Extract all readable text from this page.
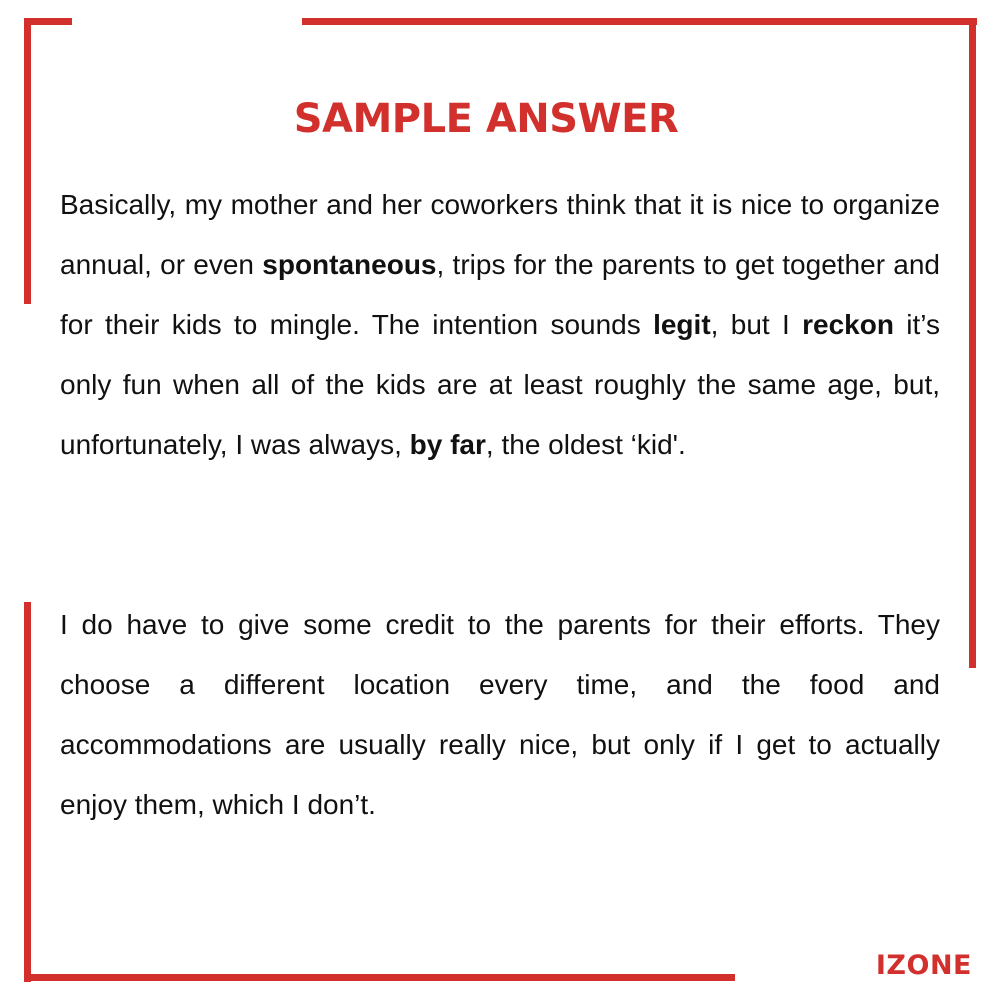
SAMPLE ANSWER

Basically, my mother and her coworkers think that it is nice to organize annual, or even spontaneous, trips for the parents to get together and for their kids to mingle. The intention sounds legit, but I reckon it’s only fun when all of the kids are at least roughly the same age, but, unfortunately, I was always, by far, the oldest ‘kid'.

I do have to give some credit to the parents for their efforts. They choose a different location every time, and the food and accommodations are usually really nice, but only if I get to actually enjoy them, which I don’t.

IZONE
